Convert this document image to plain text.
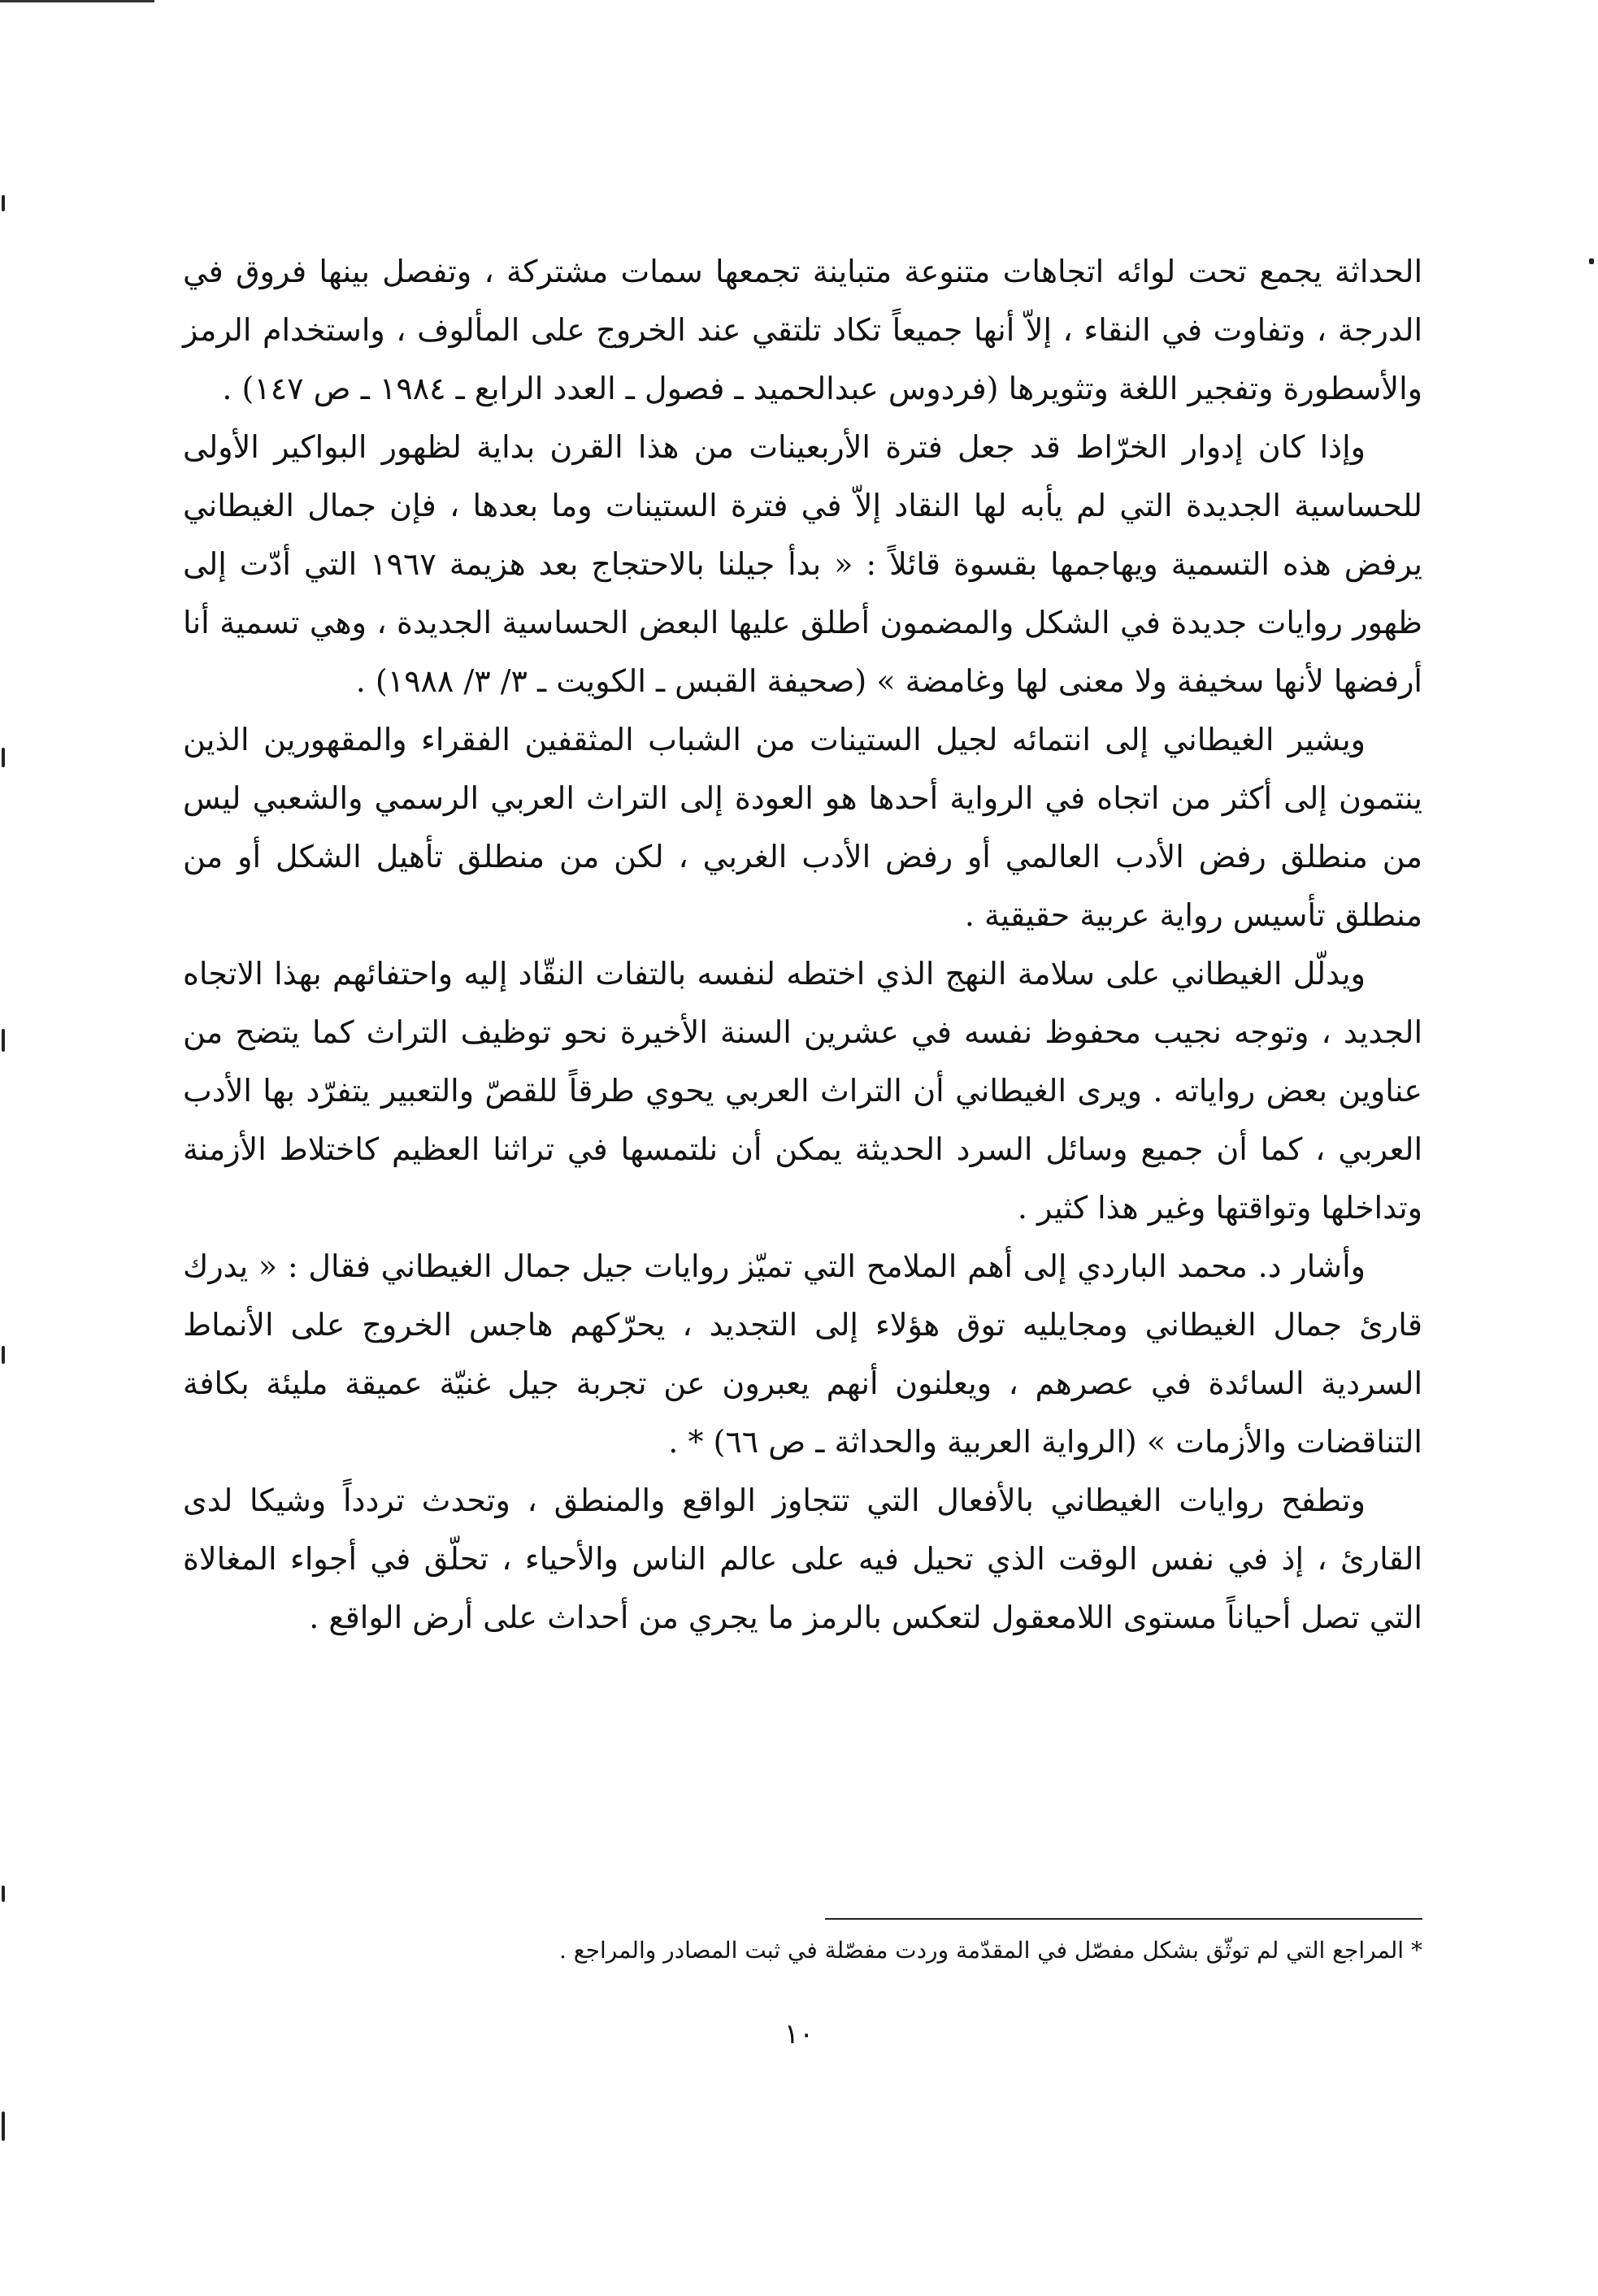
الحداثة يجمع تحت لوائه اتجاهات متنوعة متباينة تجمعها سمات مشتركة ، وتفصل بينها فروق في الدرجة ، وتفاوت في النقاء ، إلاّ أنها جميعاً تكاد تلتقي عند الخروج على المألوف ، واستخدام الرمز والأسطورة وتفجير اللغة وتثويرها (فردوس عبدالحميد ـ فصول ـ العدد الرابع ـ ١٩٨٤ ـ ص ١٤٧) .

وإذا كان إدوار الخرّاط قد جعل فترة الأربعينات من هذا القرن بداية لظهور البواكير الأولى للحساسية الجديدة التي لم يأبه لها النقاد إلاّ في فترة الستينات وما بعدها ، فإن جمال الغيطاني يرفض هذه التسمية ويهاجمها بقسوة قائلاً : « بدأ جيلنا بالاحتجاج بعد هزيمة ١٩٦٧ التي أدّت إلى ظهور روايات جديدة في الشكل والمضمون أطلق عليها البعض الحساسية الجديدة ، وهي تسمية أنا أرفضها لأنها سخيفة ولا معنى لها وغامضة » (صحيفة القبس ـ الكويت ـ ٣/ ٣/ ١٩٨٨) .

ويشير الغيطاني إلى انتمائه لجيل الستينات من الشباب المثقفين الفقراء والمقهورين الذين ينتمون إلى أكثر من اتجاه في الرواية أحدها هو العودة إلى التراث العربي الرسمي والشعبي ليس من منطلق رفض الأدب العالمي أو رفض الأدب الغربي ، لكن من منطلق تأهيل الشكل أو من منطلق تأسيس رواية عربية حقيقية .

ويدلّل الغيطاني على سلامة النهج الذي اختطه لنفسه بالتفات النقّاد إليه واحتفائهم بهذا الاتجاه الجديد ، وتوجه نجيب محفوظ نفسه في عشرين السنة الأخيرة نحو توظيف التراث كما يتضح من عناوين بعض رواياته . ويرى الغيطاني أن التراث العربي يحوي طرقاً للقصّ والتعبير يتفرّد بها الأدب العربي ، كما أن جميع وسائل السرد الحديثة يمكن أن نلتمسها في تراثنا العظيم كاختلاط الأزمنة وتداخلها وتواقتها وغير هذا كثير .

وأشار د. محمد الباردي إلى أهم الملامح التي تميّز روايات جيل جمال الغيطاني فقال : « يدرك قارئ جمال الغيطاني ومجايليه توق هؤلاء إلى التجديد ، يحرّكهم هاجس الخروج على الأنماط السردية السائدة في عصرهم ، ويعلنون أنهم يعبرون عن تجربة جيل غنيّة عميقة مليئة بكافة التناقضات والأزمات » (الرواية العربية والحداثة ـ ص ٦٦) * .

وتطفح روايات الغيطاني بالأفعال التي تتجاوز الواقع والمنطق ، وتحدث تردداً وشيكا لدى القارئ ، إذ في نفس الوقت الذي تحيل فيه على عالم الناس والأحياء ، تحلّق في أجواء المغالاة التي تصل أحياناً مستوى اللامعقول لتعكس بالرمز ما يجري من أحداث على أرض الواقع .

* المراجع التي لم توثّق بشكل مفصّل في المقدّمة وردت مفصّلة في ثبت المصادر والمراجع .

١٠
